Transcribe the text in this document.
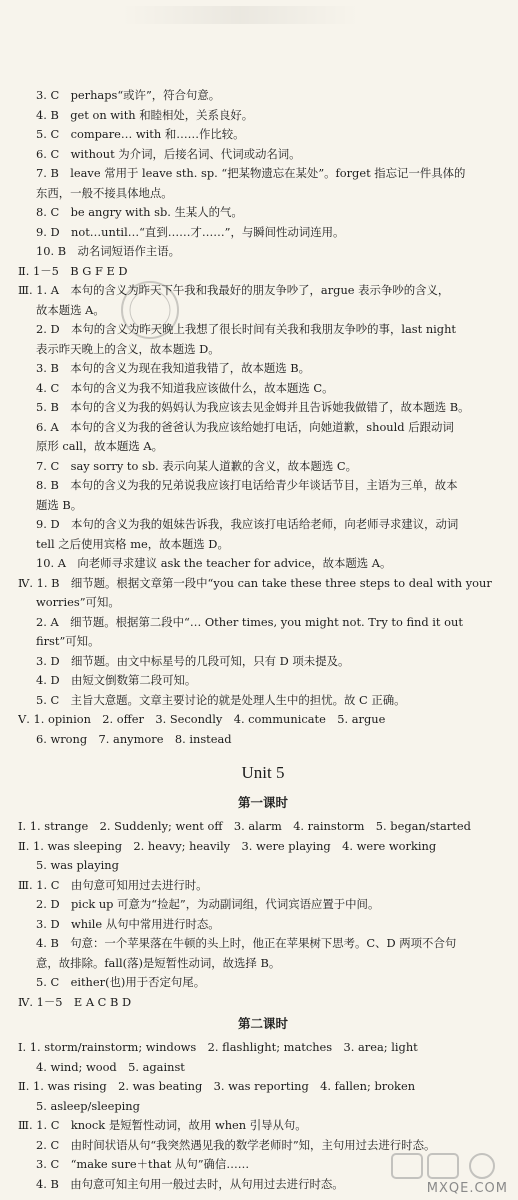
3. C　perhaps“或许”，符合句意。
4. B　get on with 和睦相处，关系良好。
5. C　compare… with 和……作比较。
6. C　without 为介词，后接名词、代词或动名词。
7. B　leave 常用于 leave sth. sp. “把某物遗忘在某处”。forget 指忘记一件具体的
东西，一般不接具体地点。
8. C　be angry with sb. 生某人的气。
9. D　not…until…“直到……才……”，与瞬间性动词连用。
10. B　动名词短语作主语。
Ⅱ. 1－5　B G F E D
Ⅲ. 1. A　本句的含义为昨天下午我和我最好的朋友争吵了，argue 表示争吵的含义，
故本题选 A。
2. D　本句的含义为昨天晚上我想了很长时间有关我和我朋友争吵的事，last night
表示昨天晚上的含义，故本题选 D。
3. B　本句的含义为现在我知道我错了，故本题选 B。
4. C　本句的含义为我不知道我应该做什么，故本题选 C。
5. B　本句的含义为我的妈妈认为我应该去见金姆并且告诉她我做错了，故本题选 B。
6. A　本句的含义为我的爸爸认为我应该给她打电话，向她道歉，should 后跟动词
原形 call，故本题选 A。
7. C　say sorry to sb. 表示向某人道歉的含义，故本题选 C。
8. B　本句的含义为我的兄弟说我应该打电话给青少年谈话节目，主语为三单，故本
题选 B。
9. D　本句的含义为我的姐妹告诉我，我应该打电话给老师，向老师寻求建议，动词
tell 之后使用宾格 me，故本题选 D。
10. A　向老师寻求建议 ask the teacher for advice，故本题选 A。
Ⅳ. 1. B　细节题。根据文章第一段中“you can take these three steps to deal with your
worries”可知。
2. A　细节题。根据第二段中“… Other times, you might not. Try to find it out
first”可知。
3. D　细节题。由文中标星号的几段可知，只有 D 项未提及。
4. D　由短文倒数第二段可知。
5. C　主旨大意题。文章主要讨论的就是处理人生中的担忧。故 C 正确。
Ⅴ. 1. opinion　2. offer　3. Secondly　4. communicate　5. argue
6. wrong　7. anymore　8. instead
Unit 5
第一课时
Ⅰ. 1. strange　2. Suddenly; went off　3. alarm　4. rainstorm　5. began/started
Ⅱ. 1. was sleeping　2. heavy; heavily　3. were playing　4. were working
5. was playing
Ⅲ. 1. C　由句意可知用过去进行时。
2. D　pick up 可意为“捡起”，为动副词组，代词宾语应置于中间。
3. D　while 从句中常用进行时态。
4. B　句意：一个苹果落在牛顿的头上时，他正在苹果树下思考。C、D 两项不合句
意，故排除。fall(落)是短暂性动词，故选择 B。
5. C　either(也)用于否定句尾。
Ⅳ. 1－5　E A C B D
第二课时
Ⅰ. 1. storm/rainstorm; windows　2. flashlight; matches　3. area; light
4. wind; wood　5. against
Ⅱ. 1. was rising　2. was beating　3. was reporting　4. fallen; broken
5. asleep/sleeping
Ⅲ. 1. C　knock 是短暂性动词，故用 when 引导从句。
2. C　由时间状语从句“我突然遇见我的数学老师时”知，主句用过去进行时态。
3. C　“make sure＋that 从句”确信……
4. B　由句意可知主句用一般过去时，从句用过去进行时态。	MXQE.COM
